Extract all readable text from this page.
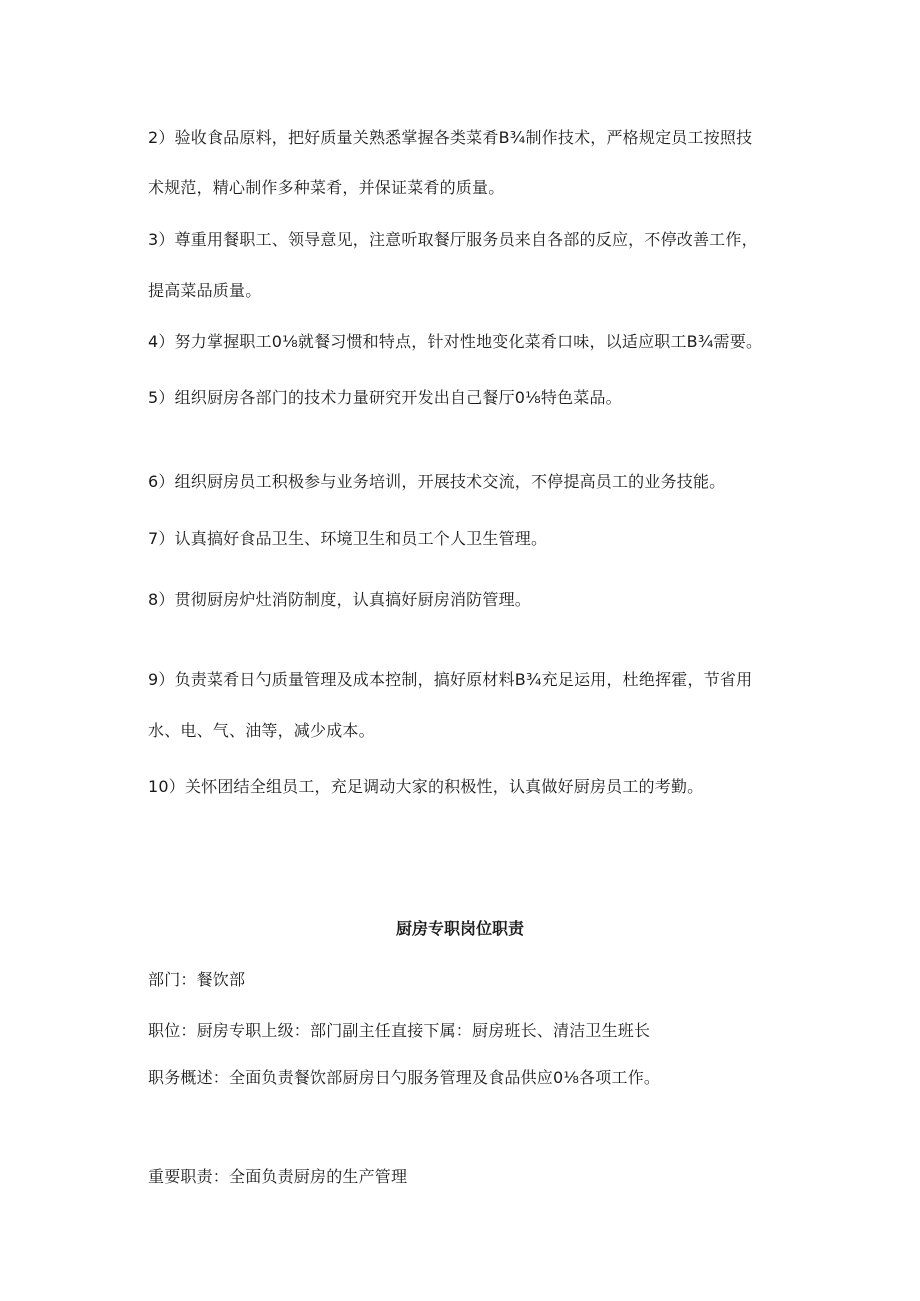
2）验收食品原料，把好质量关熟悉掌握各类菜肴B¾制作技术，严格规定员工按照技
术规范，精心制作多种菜肴，并保证菜肴的质量。
3）尊重用餐职工、领导意见，注意听取餐厅服务员来自各部的反应，不停改善工作，
提高菜品质量。
4）努力掌握职工0⅛就餐习惯和特点，针对性地变化菜肴口味，以适应职工B¾需要。
5）组织厨房各部门的技术力量研究开发出自己餐厅0⅛特色菜品。
6）组织厨房员工积极参与业务培训，开展技术交流，不停提高员工的业务技能。
7）认真搞好食品卫生、环境卫生和员工个人卫生管理。
8）贯彻厨房炉灶消防制度，认真搞好厨房消防管理。
9）负责菜肴日勺质量管理及成本控制，搞好原材料B¾充足运用，杜绝挥霍，节省用
水、电、气、油等，减少成本。
10）关怀团结全组员工，充足调动大家的积极性，认真做好厨房员工的考勤。
厨房专职岗位职责
部门：餐饮部
职位：厨房专职上级：部门副主任直接下属：厨房班长、清洁卫生班长
职务概述：全面负责餐饮部厨房日勺服务管理及食品供应0⅛各项工作。
重要职责：全面负责厨房的生产管理
